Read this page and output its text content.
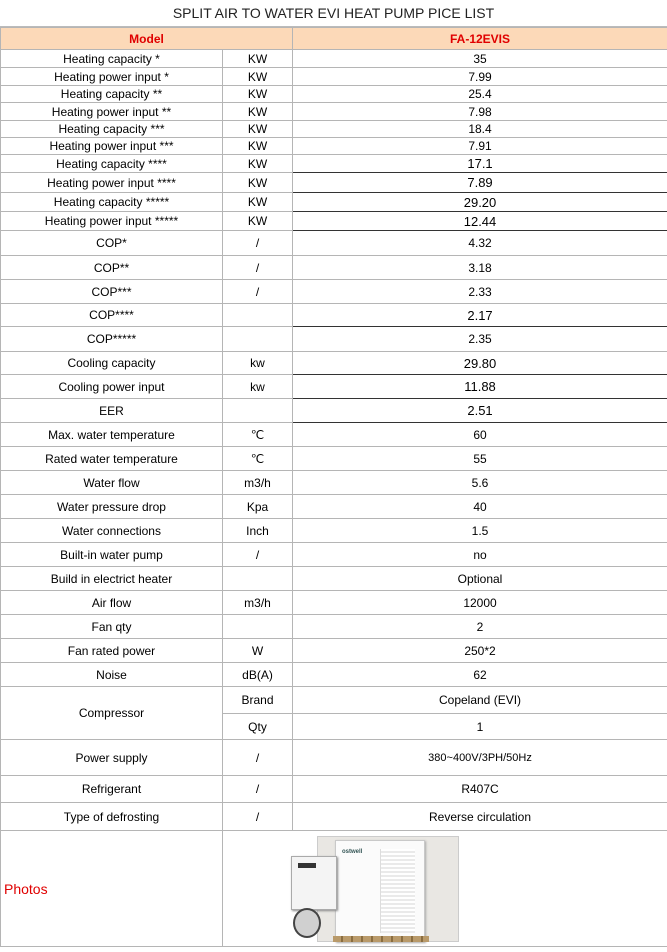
SPLIT AIR TO WATER EVI HEAT PUMP PICE LIST
Model		FA-12EVIS
Heating capacity *	KW	35
Heating power input *	KW	7.99
Heating capacity **	KW	25.4
Heating power input **	KW	7.98
Heating capacity ***	KW	18.4
Heating power input ***	KW	7.91
Heating capacity ****	KW	17.1
Heating power input ****	KW	7.89
Heating capacity *****	KW	29.20
Heating power input *****	KW	12.44
COP*	/	4.32
COP**	/	3.18
COP***	/	2.33
COP****		2.17
COP*****		2.35
Cooling capacity	kw	29.80
Cooling power input	kw	11.88
EER		2.51
Max. water temperature	℃	60
Rated water temperature	℃	55
Water flow	m3/h	5.6
Water pressure drop	Kpa	40
Water connections	Inch	1.5
Built-in water pump	/	no
Build in electrict heater		Optional
Air flow	m3/h	12000
Fan qty		2
Fan rated power	W	250*2
Noise	dB(A)	62
Compressor	Brand	Copeland (EVI)
	Qty	1
Power supply	/	380~400V/3PH/50Hz
Refrigerant	/	R407C
Type of defrosting	/	Reverse circulation
Photos	ostwell	
